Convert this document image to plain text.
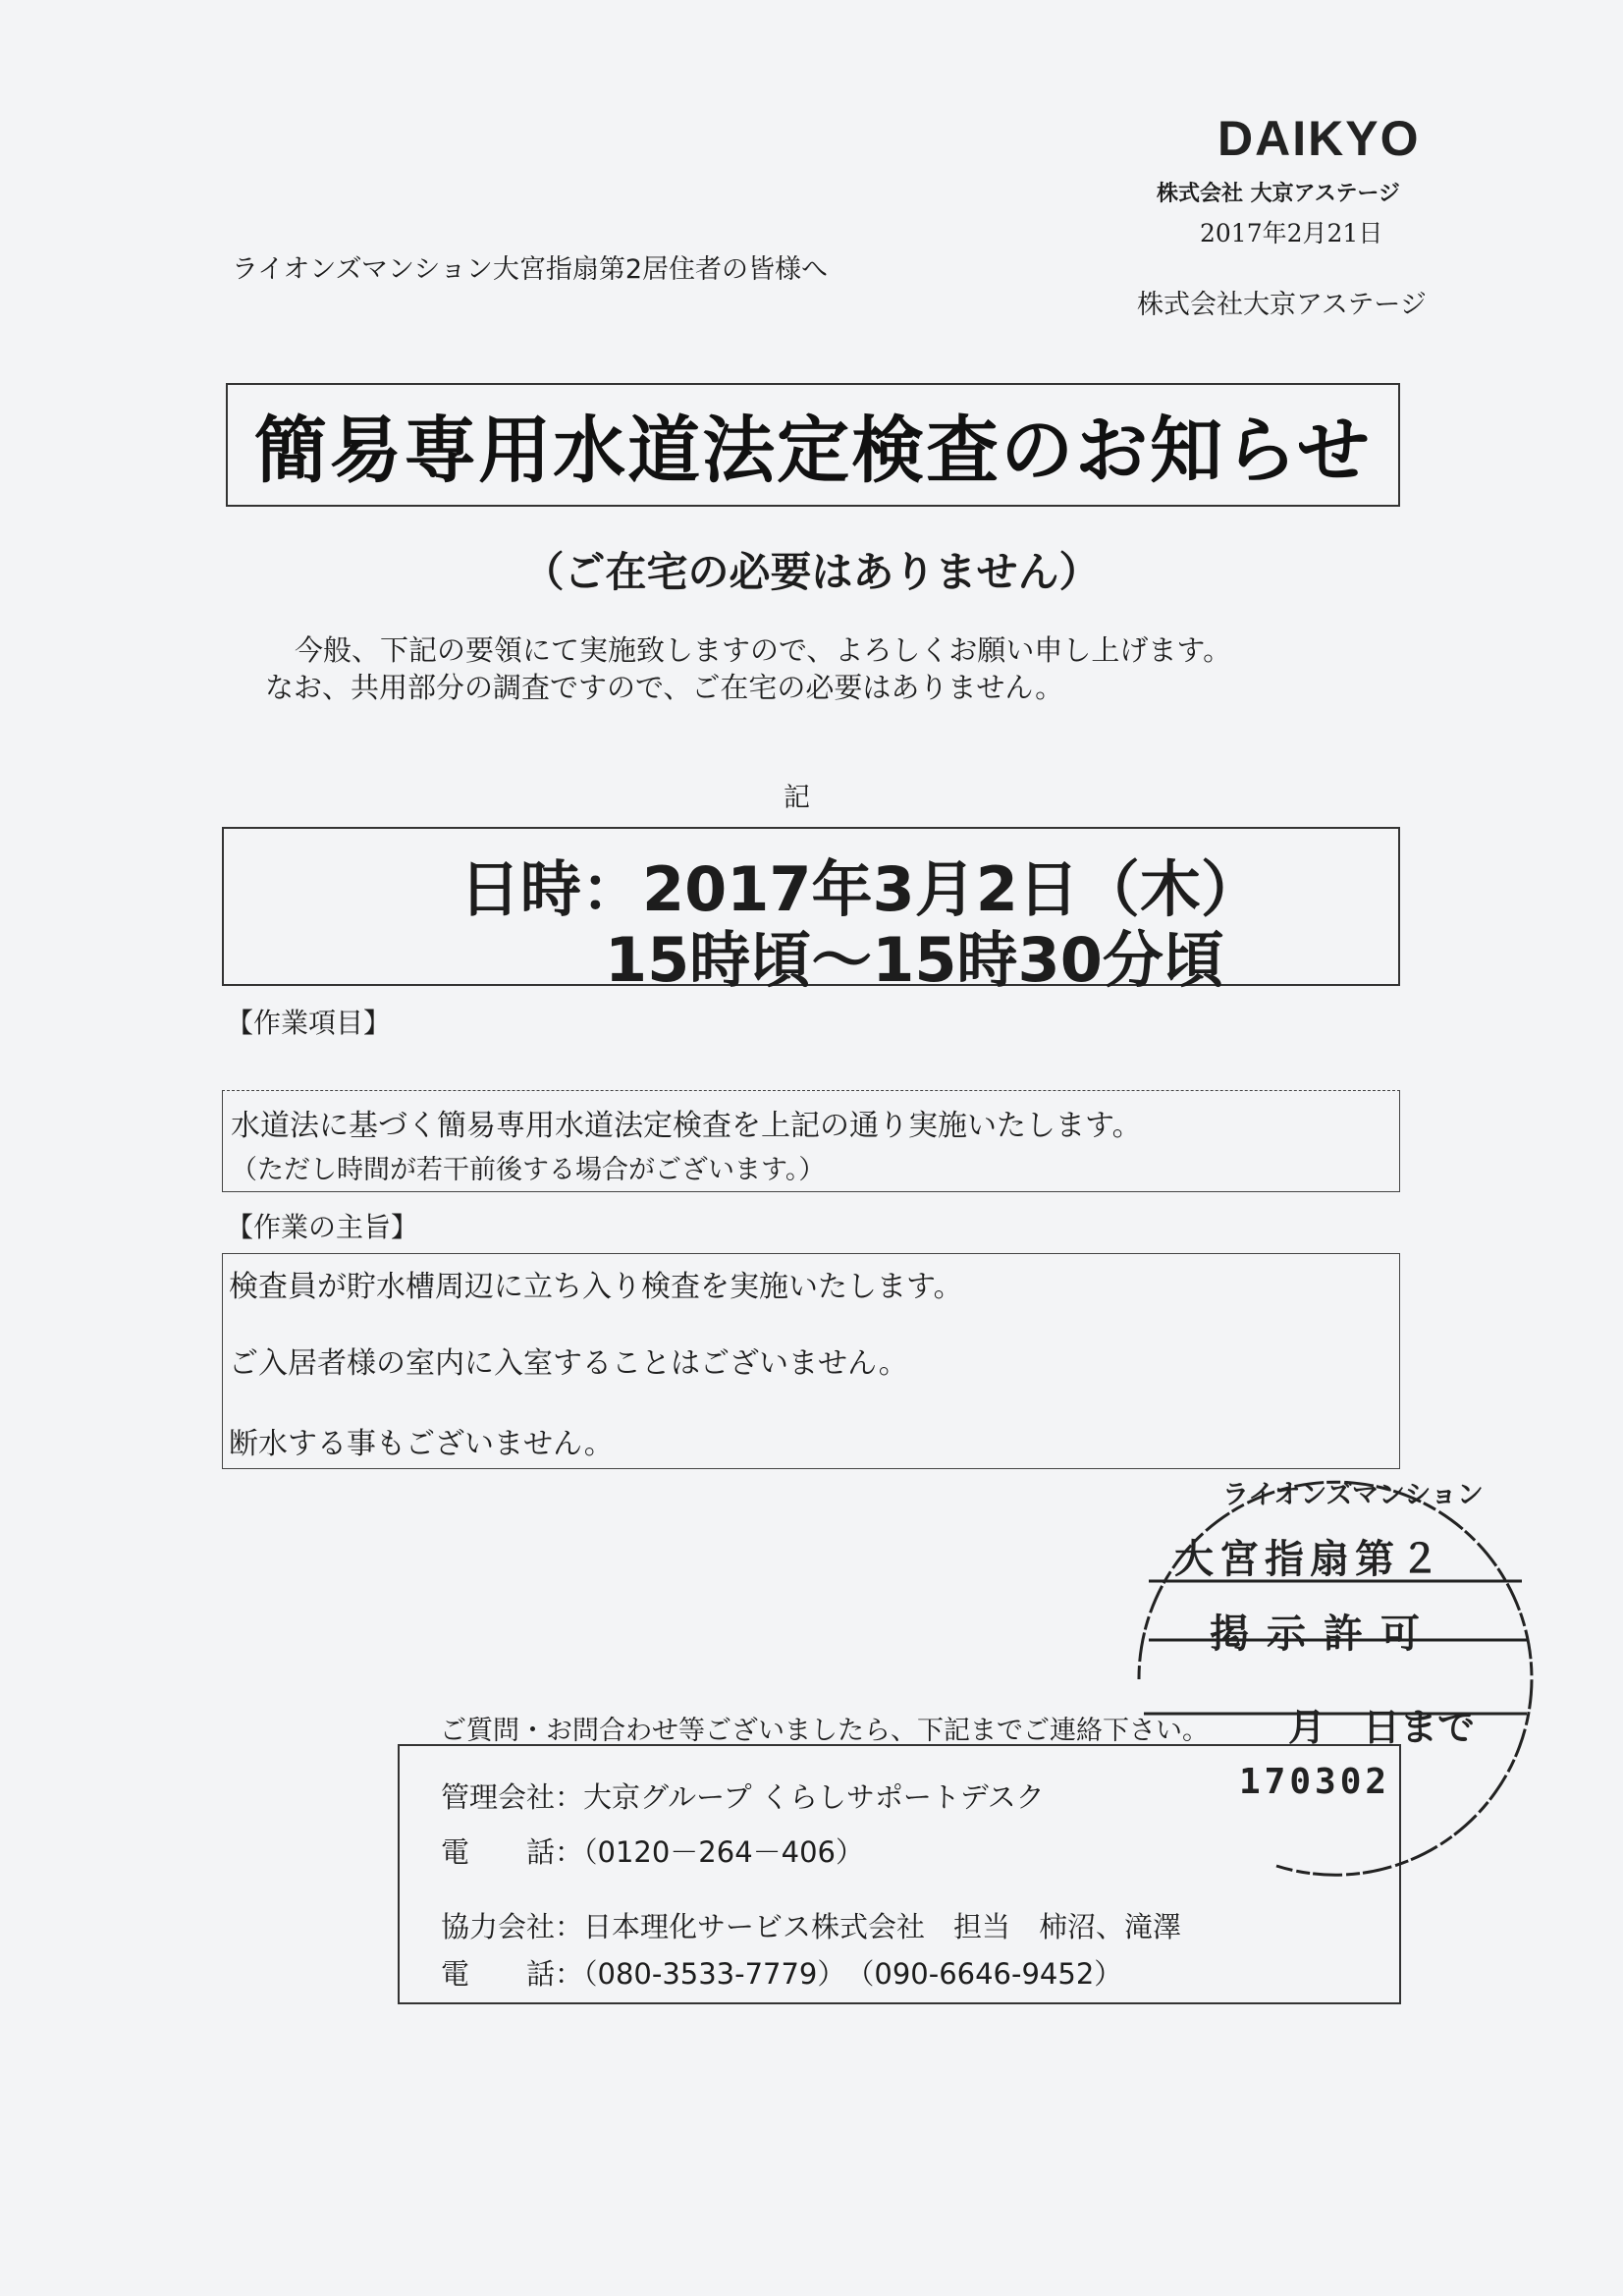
DAIKYO
株式会社 大京アステージ
2017年2月21日
株式会社大京アステージ
ライオンズマンション大宮指扇第2居住者の皆様へ
簡易専用水道法定検査のお知らせ
（ご在宅の必要はありません）
今般、下記の要領にて実施致しますので、よろしくお願い申し上げます。
なお、共用部分の調査ですので、ご在宅の必要はありません。
記
日時：2017年3月2日（木）
15時頃～15時30分頃
【作業項目】
水道法に基づく簡易専用水道法定検査を上記の通り実施いたします。
（ただし時間が若干前後する場合がございます。）
【作業の主旨】
検査員が貯水槽周辺に立ち入り検査を実施いたします。
ご入居者様の室内に入室することはございません。
断水する事もございません。
ご質問・お問合わせ等ございましたら、下記までご連絡下さい。
管理会社：大京グループ くらしサポートデスク
電　　話：（0120－264－406）
協力会社：日本理化サービス株式会社　担当　柿沼、滝澤
電　　話：（080-3533-7779）　（090-6646-9452）
ライオンズマンション
大宮指扇第２
掲示許可
月　日まで
170302
